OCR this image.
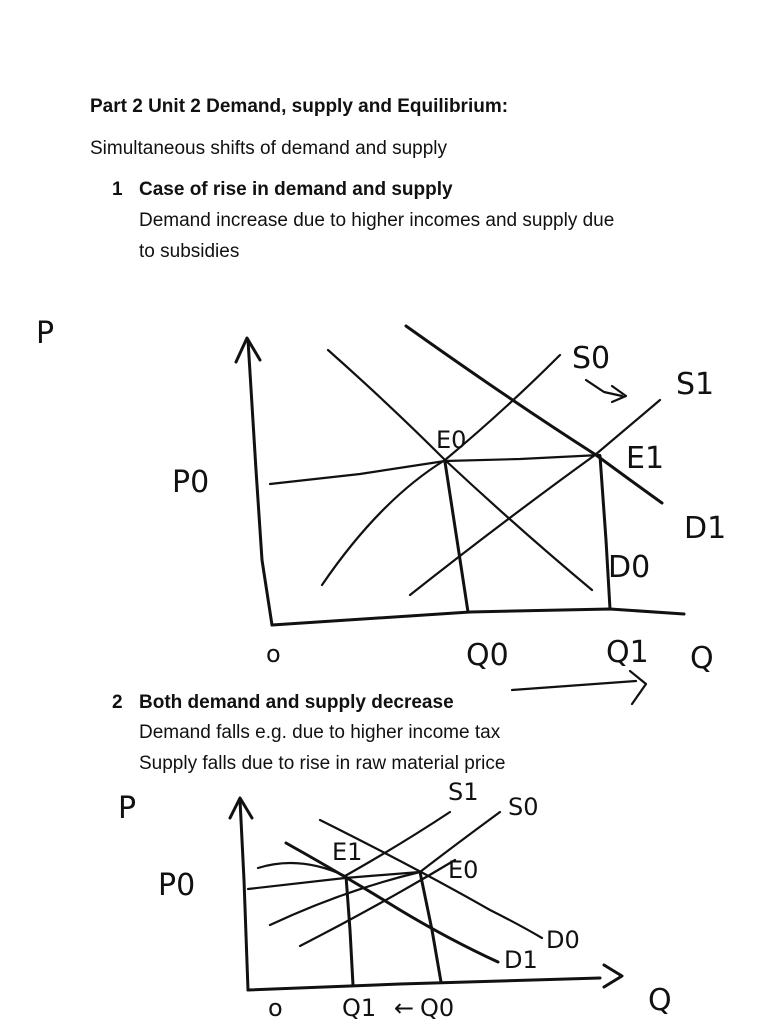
Part 2 Unit 2 Demand, supply and Equilibrium:
Simultaneous shifts of demand and supply
1 Case of rise in demand and supply
Demand increase due to higher incomes and supply due
to subsidies
2 Both demand and supply decrease
Demand falls e.g. due to higher income tax
Supply falls due to rise in raw material price
P
Q
o
P0
Q0	Q1
S0
S1
E0
E1
D0
D1
P
Q
o
P0
Q1 ← Q0
S0
S1
E0
E1
D0
D1
